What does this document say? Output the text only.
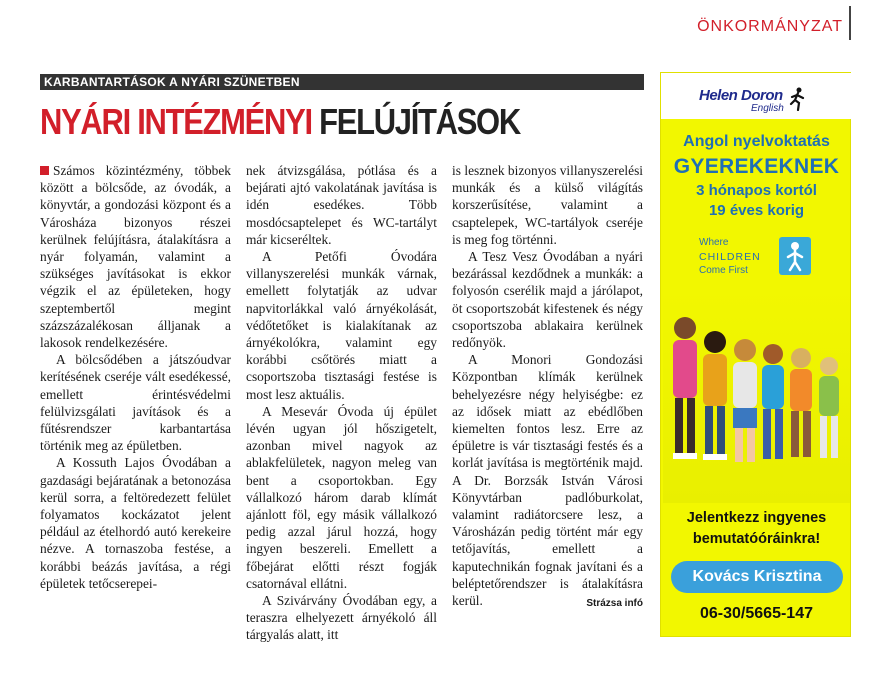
ÖNKORMÁNYZAT
KARBANTARTÁSOK A NYÁRI SZÜNETBEN
NYÁRI INTÉZMÉNYI FELÚJÍTÁSOK

Számos közintézmény, többek között a bölcsőde, az óvodák, a könyvtár, a gondozási központ és a Városháza bizonyos részei kerülnek felújításra, átalakításra a nyár folyamán, valamint a szükséges javításokat is ekkor végzik el az épületeken, hogy szeptembertől megint százszázalékosan álljanak a lakosok rendelkezésére.

A bölcsődében a játszóudvar kerítésének cseréje vált esedékessé, emellett érintésvédelmi felülvizsgálati javítások és a fűtésrendszer karbantartása történik meg az épületben.

A Kossuth Lajos Óvodában a gazdasági bejáratának a betonozása kerül sorra, a feltöredezett felület folyamatos kockázatot jelent például az ételhordó autó kerekeire nézve. A tornaszoba festése, a korábbi beázás javítása, a régi épületek tetőcserepei-

nek átvizsgálása, pótlása és a bejárati ajtó vakolatának javítása is idén esedékes. Több mosdócsaptelepet és WC-tartályt már kicseréltek.

A Petőfi Óvodára villanyszerelési munkák várnak, emellett folytatják az udvar napvitorlákkal való árnyékolását, védőtetőket is kialakítanak az árnyékolókra, valamint egy korábbi csőtörés miatt a csoportszoba tisztasági festése is most lesz aktuális.

A Mesevár Óvoda új épület lévén ugyan jól hőszigetelt, azonban mivel nagyok az ablakfelületek, nagyon meleg van bent a csoportokban. Egy vállalkozó három darab klímát ajánlott föl, egy másik vállalkozó pedig azzal járul hozzá, hogy ingyen beszereli. Emellett a főbejárat előtti részt fogják csatornával ellátni.

A Szivárvány Óvodában egy, a teraszra elhelyezett árnyékoló áll tárgyalás alatt, itt

is lesznek bizonyos villanyszerelési munkák és a külső világítás korszerűsítése, valamint a csaptelepek, WC-tartályok cseréje is meg fog történni.

A Tesz Vesz Óvodában a nyári bezárással kezdődnek a munkák: a folyosón cserélik majd a járólapot, öt csoportszobát kifestenek és négy csoportszoba ablakaira kerülnek redőnyök.

A Monori Gondozási Központban klímák kerülnek behelyezésre négy helyiségbe: ez az idősek miatt az ebédlőben kiemelten fontos lesz. Erre az épületre is vár tisztasági festés és a korlát javítása is megtörténik majd. A Dr. Borzsák István Városi Könyvtárban padlóburkolat, valamint radiátorcsere lesz, a Városházán pedig történt már egy tetőjavítás, emellett a kaputechnikán fognak javítani és a beléptetőrendszer is átalakításra kerül.	Strázsa infó

Helen Doron
English
Angol nyelvoktatás
GYEREKEKNEK
3 hónapos kortól
19 éves korig
Where
CHILDREN
Come First
Jelentkezz ingyenes
bemutatóóráinkra!
Kovács Krisztina
06-30/5665-147
